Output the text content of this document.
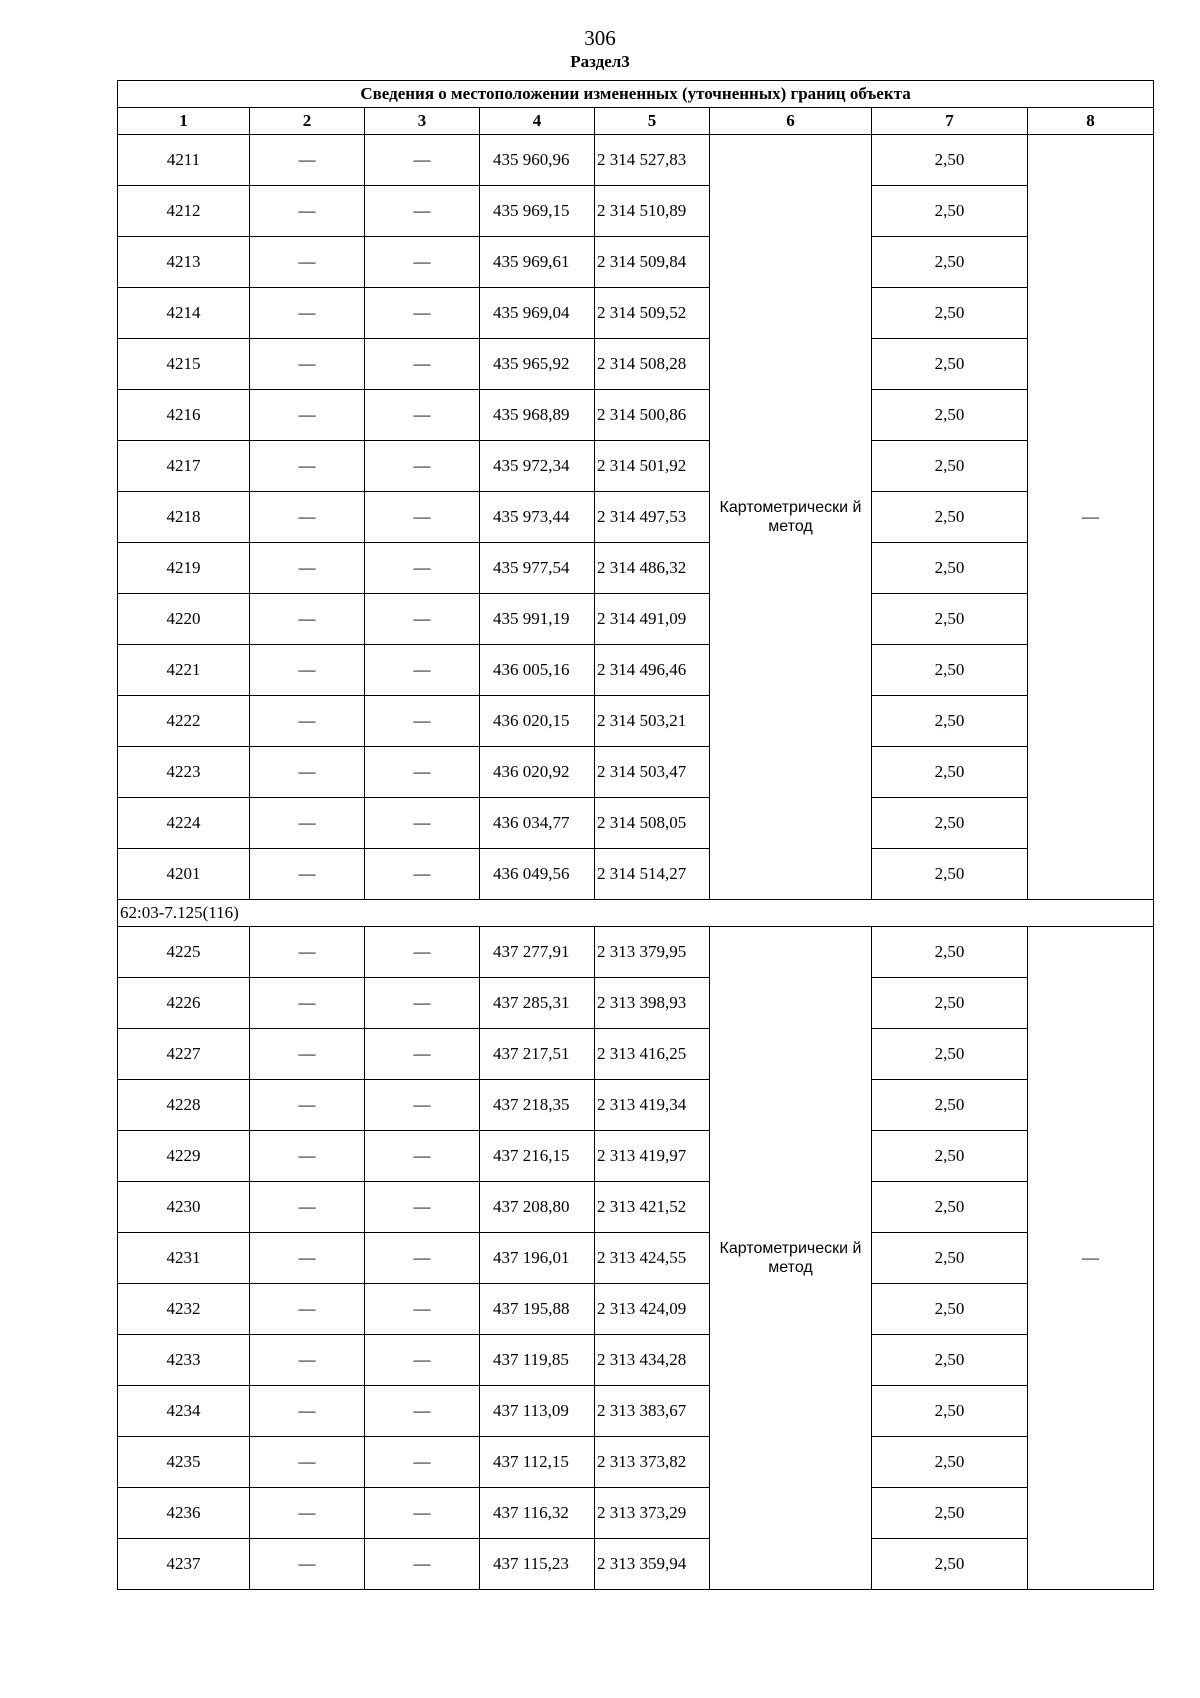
306
Раздел3
Сведения о местоположении измененных (уточненных) границ объекта							
1	2	3	4	5	6	7	8
4211	—	—	435 960,96	2 314 527,83	Картометрически й метод	2,50	—
4212	—	—	435 969,15	2 314 510,89		2,50	
4213	—	—	435 969,61	2 314 509,84		2,50	
4214	—	—	435 969,04	2 314 509,52		2,50	
4215	—	—	435 965,92	2 314 508,28		2,50	
4216	—	—	435 968,89	2 314 500,86		2,50	
4217	—	—	435 972,34	2 314 501,92		2,50	
4218	—	—	435 973,44	2 314 497,53		2,50	
4219	—	—	435 977,54	2 314 486,32		2,50	
4220	—	—	435 991,19	2 314 491,09		2,50	
4221	—	—	436 005,16	2 314 496,46		2,50	
4222	—	—	436 020,15	2 314 503,21		2,50	
4223	—	—	436 020,92	2 314 503,47		2,50	
4224	—	—	436 034,77	2 314 508,05		2,50	
4201	—	—	436 049,56	2 314 514,27		2,50	
62:03-7.125(116)							
4225	—	—	437 277,91	2 313 379,95	Картометрически й метод	2,50	—
4226	—	—	437 285,31	2 313 398,93		2,50	
4227	—	—	437 217,51	2 313 416,25		2,50	
4228	—	—	437 218,35	2 313 419,34		2,50	
4229	—	—	437 216,15	2 313 419,97		2,50	
4230	—	—	437 208,80	2 313 421,52		2,50	
4231	—	—	437 196,01	2 313 424,55		2,50	
4232	—	—	437 195,88	2 313 424,09		2,50	
4233	—	—	437 119,85	2 313 434,28		2,50	
4234	—	—	437 113,09	2 313 383,67		2,50	
4235	—	—	437 112,15	2 313 373,82		2,50	
4236	—	—	437 116,32	2 313 373,29		2,50	
4237	—	—	437 115,23	2 313 359,94		2,50	
